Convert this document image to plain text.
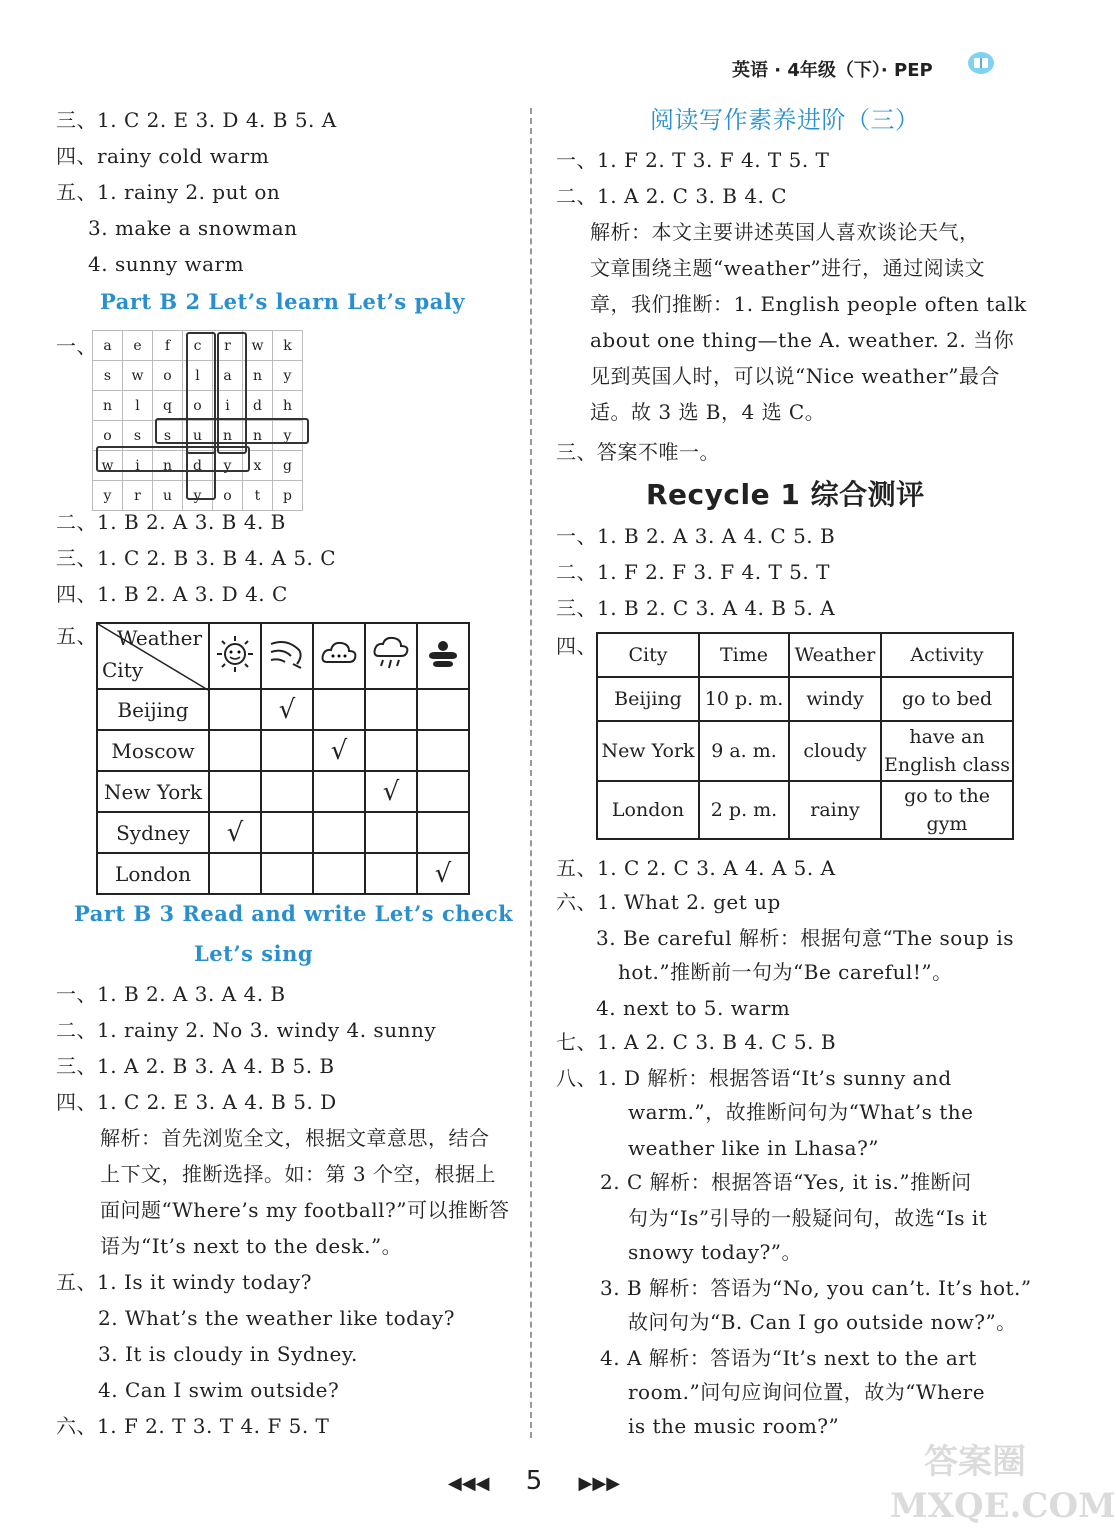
英语 · 4年级（下）· PEP
三、1. C 2. E 3. D 4. B 5. A
四、rainy cold warm
五、1. rainy 2. put on
3. make a snowman
4. sunny warm
Part B 2 Let’s learn Let’s paly
一、 a	e	f	c	r	w	k
s	w	o	l	a	n	y
n	l	q	o	i	d	h
o	s	s	u	n	n	y
w	i	n	d	y	x	g
y	r	u	y	o	t	p
二、1. B 2. A 3. B 4. B
三、1. C 2. B 3. B 4. A 5. C
四、1. B 2. A 3. D 4. C
五、 Weather
City

Beijing		√			
Moscow			√		
New York				√	
Sydney	√				
London					√
Part B 3 Read and write Let’s check
Let’s sing
一、1. B 2. A 3. A 4. B
二、1. rainy 2. No 3. windy 4. sunny
三、1. A 2. B 3. A 4. B 5. B
四、1. C 2. E 3. A 4. B 5. D
解析：首先浏览全文，根据文章意思，结合
上下文，推断选择。如：第 3 个空，根据上
面问题“Where’s my football?”可以推断答
语为“It’s next to the desk.”。
五、1. Is it windy today?
2. What’s the weather like today?
3. It is cloudy in Sydney.
4. Can I swim outside?
六、1. F 2. T 3. T 4. F 5. T
阅读写作素养进阶（三）
一、1. F 2. T 3. F 4. T 5. T
二、1. A 2. C 3. B 4. C
解析：本文主要讲述英国人喜欢谈论天气，
文章围绕主题“weather”进行，通过阅读文
章，我们推断：1. English people often talk
about one thing—the A. weather. 2. 当你
见到英国人时，可以说“Nice weather”最合
适。故 3 选 B，4 选 C。
三、答案不唯一。
Recycle 1 综合测评
一、1. B 2. A 3. A 4. C 5. B
二、1. F 2. F 3. F 4. T 5. T
三、1. B 2. C 3. A 4. B 5. A
四、 City	Time	Weather	Activity
Beijing	10 p. m.	windy	go to bed
New York	9 a. m.	cloudy	have an English class
London	2 p. m.	rainy	go to the gym
五、1. C 2. C 3. A 4. A 5. A
六、1. What 2. get up
3. Be careful 解析：根据句意“The soup is
hot.”推断前一句为“Be careful!”。
4. next to 5. warm
七、1. A 2. C 3. B 4. C 5. B
八、1. D 解析：根据答语“It’s sunny and
warm.”，故推断问句为“What’s the
weather like in Lhasa?”
2. C 解析：根据答语“Yes, it is.”推断问
句为“Is”引导的一般疑问句，故选“Is it
snowy today?”。
3. B 解析：答语为“No, you can’t. It’s hot.”
故问句为“B. Can I go outside now?”。
4. A 解析：答语为“It’s next to the art
room.”问句应询问位置，故为“Where
is the music room?”
◀◀◀ 5 ▶▶▶
答案圈 MXQE.COM
